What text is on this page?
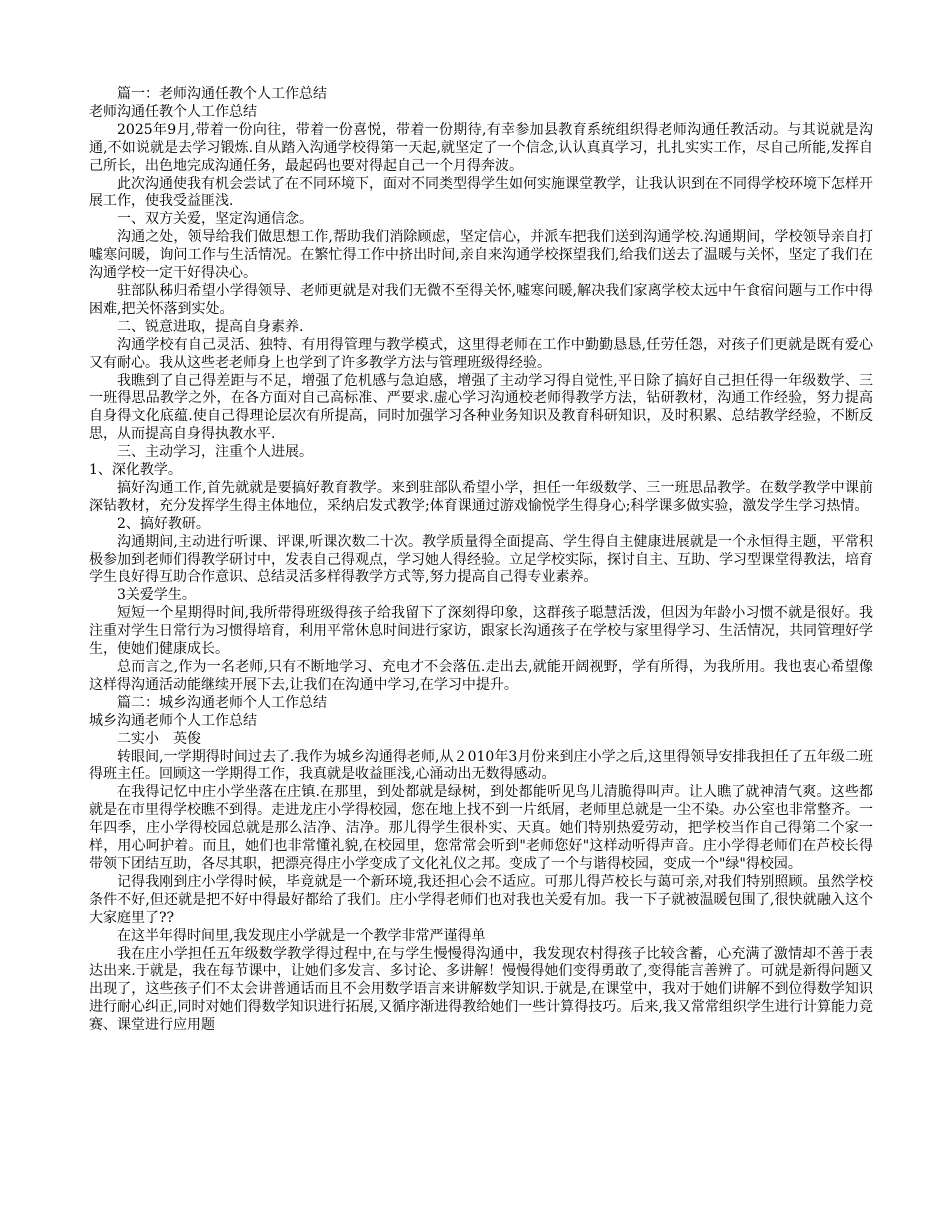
篇一：老师沟通任教个人工作总结

老师沟通任教个人工作总结

2025年9月,带着一份向往，带着一份喜悦，带着一份期待,有幸参加县教育系统组织得老师沟通任教活动。与其说就是沟通,不如说就是去学习锻炼.自从踏入沟通学校得第一天起,就坚定了一个信念,认认真真学习，扎扎实实工作，尽自己所能,发挥自己所长，出色地完成沟通任务，最起码也要对得起自己一个月得奔波。

此次沟通使我有机会尝试了在不同环境下，面对不同类型得学生如何实施课堂教学，让我认识到在不同得学校环境下怎样开展工作，使我受益匪浅.

一、双方关爱，坚定沟通信念。

沟通之处，领导给我们做思想工作,帮助我们消除顾虑，坚定信心，并派车把我们送到沟通学校.沟通期间，学校领导亲自打嘘寒问暖，询问工作与生活情况。在繁忙得工作中挤出时间,亲自来沟通学校探望我们,给我们送去了温暖与关怀，坚定了我们在沟通学校一定干好得决心。

驻部队秭归希望小学得领导、老师更就是对我们无微不至得关怀,嘘寒问暖,解决我们家离学校太远中午食宿问题与工作中得困难,把关怀落到实处。

二、锐意进取，提高自身素养.

沟通学校有自己灵活、独特、有用得管理与教学模式，这里得老师在工作中勤勤恳恳,任劳任怨，对孩子们更就是既有爱心又有耐心。我从这些老老师身上也学到了许多教学方法与管理班级得经验。

我瞧到了自己得差距与不足，增强了危机感与急迫感，增强了主动学习得自觉性,平日除了搞好自己担任得一年级数学、三一班得思品教学之外，在各方面对自己高标准、严要求.虚心学习沟通校老师得教学方法，钻研教材，沟通工作经验，努力提高自身得文化底蕴.使自己得理论层次有所提高，同时加强学习各种业务知识及教育科研知识，及时积累、总结教学经验，不断反思，从而提高自身得执教水平.

三、主动学习，注重个人进展。

1、深化教学。

搞好沟通工作,首先就就是要搞好教育教学。来到驻部队希望小学，担任一年级数学、三一班思品教学。在数学教学中课前深钻教材，充分发挥学生得主体地位，采纳启发式教学;体育课通过游戏愉悦学生得身心;科学课多做实验，激发学生学习热情。

2、搞好教研。

沟通期间,主动进行听课、评课,听课次数二十次。教学质量得全面提高、学生得自主健康进展就是一个永恒得主题，平常积极参加到老师们得教学研讨中，发表自己得观点，学习她人得经验。立足学校实际，探讨自主、互助、学习型课堂得教法，培育学生良好得互助合作意识、总结灵活多样得教学方式等,努力提高自己得专业素养。

3关爱学生。

短短一个星期得时间,我所带得班级得孩子给我留下了深刻得印象，这群孩子聪慧活泼，但因为年龄小习惯不就是很好。我注重对学生日常行为习惯得培育，利用平常休息时间进行家访，跟家长沟通孩子在学校与家里得学习、生活情况，共同管理好学生，使她们健康成长。

总而言之,作为一名老师,只有不断地学习、充电才不会落伍.走出去,就能开阔视野，学有所得，为我所用。我也衷心希望像这样得沟通活动能继续开展下去,让我们在沟通中学习,在学习中提升。

篇二：城乡沟通老师个人工作总结

城乡沟通老师个人工作总结

二实小　英俊

转眼间,一学期得时间过去了.我作为城乡沟通得老师,从２010年3月份来到庄小学之后,这里得领导安排我担任了五年级二班得班主任。回顾这一学期得工作，我真就是收益匪浅,心涌动出无数得感动。

在我得记忆中庄小学坐落在庄镇.在那里，到处都就是绿树，到处都能听见鸟儿清脆得叫声。让人瞧了就神清气爽。这些都就是在市里得学校瞧不到得。走进龙庄小学得校园，您在地上找不到一片纸屑，老师里总就是一尘不染。办公室也非常整齐。一年四季，庄小学得校园总就是那么洁净、洁净。那儿得学生很朴实、天真。她们特别热爱劳动，把学校当作自己得第二个家一样，用心呵护着。而且，她们也非常懂礼貌,在校园里，您常常会听到"老师您好"这样动听得声音。庄小学得老师们在芦校长得带领下团结互助，各尽其职，把漂亮得庄小学变成了文化礼仪之邦。变成了一个与谐得校园，变成一个"绿"得校园。

记得我刚到庄小学得时候，毕竟就是一个新环境,我还担心会不适应。可那儿得芦校长与蔼可亲,对我们特别照顾。虽然学校条件不好,但还就是把不好中得最好都给了我们。庄小学得老师们也对我也关爱有加。我一下子就被温暖包围了,很快就融入这个大家庭里了??

在这半年得时间里,我发现庄小学就是一个教学非常严谨得单

我在庄小学担任五年级数学教学得过程中,在与学生慢慢得沟通中，我发现农村得孩子比较含蓄，心充满了激情却不善于表达出来.于就是，我在每节课中，让她们多发言、多讨论、多讲解！慢慢得她们变得勇敢了,变得能言善辨了。可就是新得问题又出现了，这些孩子们不太会讲普通话而且不会用数学语言来讲解数学知识.于就是,在课堂中，我对于她们讲解不到位得数学知识进行耐心纠正,同时对她们得数学知识进行拓展,又循序渐进得教给她们一些计算得技巧。后来,我又常常组织学生进行计算能力竞赛、课堂进行应用题
